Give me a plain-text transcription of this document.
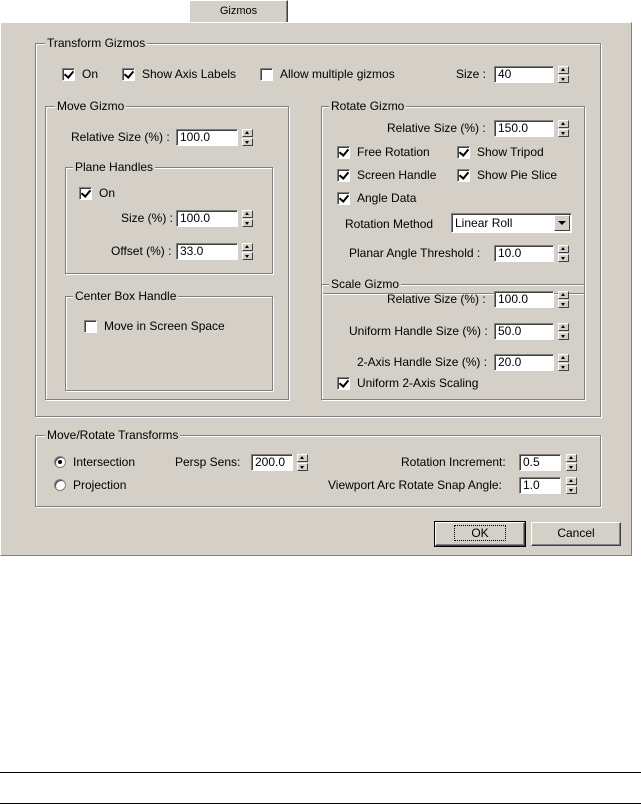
Gizmos
Transform Gizmos
On	Show Axis Labels	Allow multiple gizmos	Size : 40
Move Gizmo
Relative Size (%) : 100.0
Plane Handles
On
Size (%) : 100.0
Offset (%) : 33.0
Center Box Handle
Move in Screen Space
Rotate Gizmo
Relative Size (%) :	150.0
Free Rotation	Show Tripod
Screen Handle	Show Pie Slice
Angle Data
Rotation Method	Linear Roll
Planar Angle Threshold :	10.0
Scale Gizmo
Relative Size (%) :	100.0
Uniform Handle Size (%) : 50.0
2-Axis Handle Size (%) : 20.0
Uniform 2-Axis Scaling
Move/Rotate Transforms
Intersection
Projection
Persp Sens:	200.0	Rotation Increment:	0.5
Viewport Arc Rotate Snap Angle:	1.0
OK	Cancel
